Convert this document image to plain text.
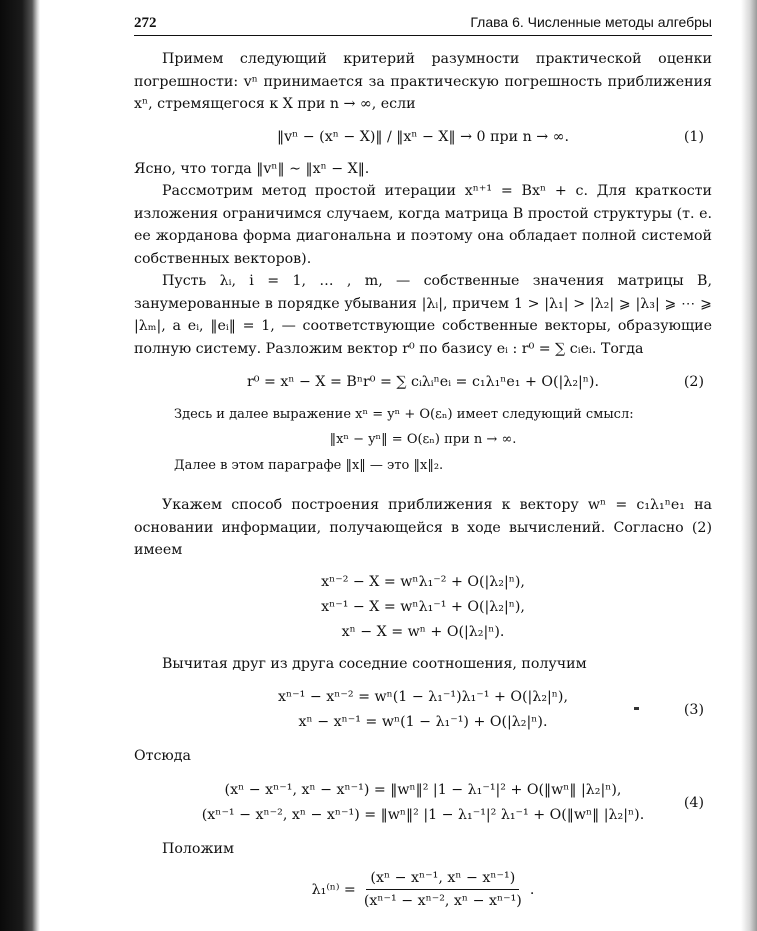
272	Глава 6. Численные методы алгебры

Примем следующий критерий разумности практической оценки погрешности: vⁿ принимается за практическую погрешность приближения xⁿ, стремящегося к X при n → ∞, если

‖vⁿ − (xⁿ − X)‖ ∕ ‖xⁿ − X‖ → 0 при n → ∞.	(1)

Ясно, что тогда ‖vⁿ‖ ∼ ‖xⁿ − X‖.

Рассмотрим метод простой итерации xⁿ⁺¹ = Bxⁿ + c. Для краткости изложения ограничимся случаем, когда матрица B простой структуры (т. е. ее жорданова форма диагональна и поэтому она обладает полной системой собственных векторов).

Пусть λᵢ, i = 1, … , m, — собственные значения матрицы B, занумерованные в порядке убывания |λᵢ|, причем 1 > |λ₁| > |λ₂| ⩾ |λ₃| ⩾ ⋯ ⩾ |λₘ|, а eᵢ, ‖eᵢ‖ = 1, — соответствующие собственные векторы, образующие полную систему. Разложим вектор r⁰ по базису eᵢ : r⁰ = ∑ cᵢeᵢ. Тогда

r⁰ = xⁿ − X = Bⁿr⁰ = ∑ cᵢλᵢⁿeᵢ = c₁λ₁ⁿe₁ + O(|λ₂|ⁿ).	(2)

Здесь и далее выражение xⁿ = yⁿ + O(εₙ) имеет следующий смысл:

‖xⁿ − yⁿ‖ = O(εₙ) при n → ∞.

Далее в этом параграфе ‖x‖ — это ‖x‖₂.

Укажем способ построения приближения к вектору wⁿ = c₁λ₁ⁿe₁ на основании информации, получающейся в ходе вычислений. Согласно (2) имеем

xⁿ⁻² − X = wⁿλ₁⁻² + O(|λ₂|ⁿ),
xⁿ⁻¹ − X = wⁿλ₁⁻¹ + O(|λ₂|ⁿ),
xⁿ − X = wⁿ + O(|λ₂|ⁿ).

Вычитая друг из друга соседние соотношения, получим

xⁿ⁻¹ − xⁿ⁻² = wⁿ(1 − λ₁⁻¹)λ₁⁻¹ + O(|λ₂|ⁿ),
xⁿ − xⁿ⁻¹ = wⁿ(1 − λ₁⁻¹) + O(|λ₂|ⁿ).
(3)

Отсюда

(xⁿ − xⁿ⁻¹, xⁿ − xⁿ⁻¹) = ‖wⁿ‖² |1 − λ₁⁻¹|² + O(‖wⁿ‖ |λ₂|ⁿ),
(xⁿ⁻¹ − xⁿ⁻², xⁿ − xⁿ⁻¹) = ‖wⁿ‖² |1 − λ₁⁻¹|² λ₁⁻¹ + O(‖wⁿ‖ |λ₂|ⁿ).
(4)

Положим

$\lambda_1^{(n)} = \frac{\text{(xⁿ − xⁿ⁻¹, xⁿ − xⁿ⁻¹)}}{\text{(xⁿ⁻¹ − xⁿ⁻², xⁿ − xⁿ⁻¹)}}$ .
